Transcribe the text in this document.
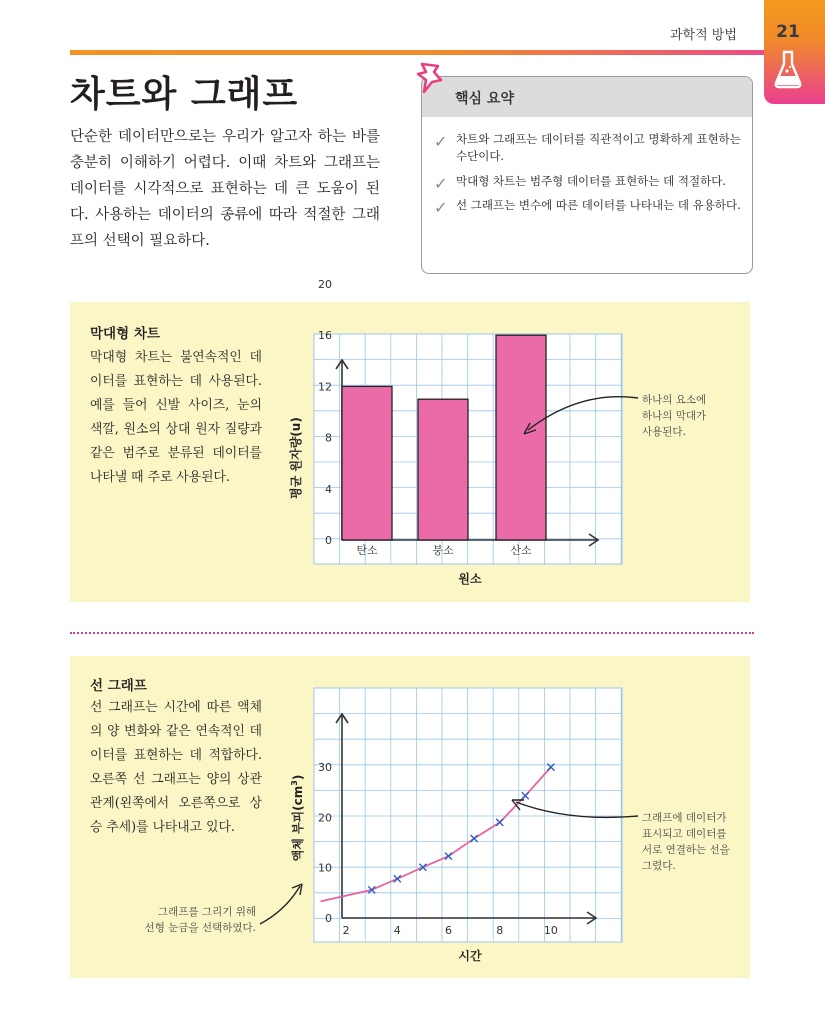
과학적 방법	21
차트와 그래프
단순한 데이터만으로는 우리가 알고자 하는 바를 충분히 이해하기 어렵다. 이때 차트와 그래프는 데이터를 시각적으로 표현하는 데 큰 도움이 된다. 사용하는 데이터의 종류에 따라 적절한 그래프의 선택이 필요하다.
핵심 요약
✓ 차트와 그래프는 데이터를 직관적이고 명확하게 표현하는 수단이다.
✓ 막대형 차트는 범주형 데이터를 표현하는 데 적절하다.
✓ 선 그래프는 변수에 따른 데이터를 나타내는 데 유용하다.
막대형 차트
막대형 차트는 불연속적인 데이터를 표현하는 데 사용된다. 예를 들어 신발 사이즈, 눈의 색깔, 원소의 상대 원자 질량과 같은 범주로 분류된 데이터를 나타낼 때 주로 사용된다.
0
4
8
12
16
20
탄소	붕소	산소
원소
평균 원자량(u)
하나의 요소에
하나의 막대가
사용된다.
선 그래프
선 그래프는 시간에 따른 액체의 양 변화와 같은 연속적인 데이터를 표현하는 데 적합하다. 오른쪽 선 그래프는 양의 상관관계(왼쪽에서 오른쪽으로 상승 추세)를 나타내고 있다.
0
10
20
30
2	4	6	8	10
시간
액체 부피$(cm^3)$
그래프에 데이터가
표시되고 데이터를
서로 연결하는 선을
그렸다.
그래프를 그리기 위해
선형 눈금을 선택하였다.
